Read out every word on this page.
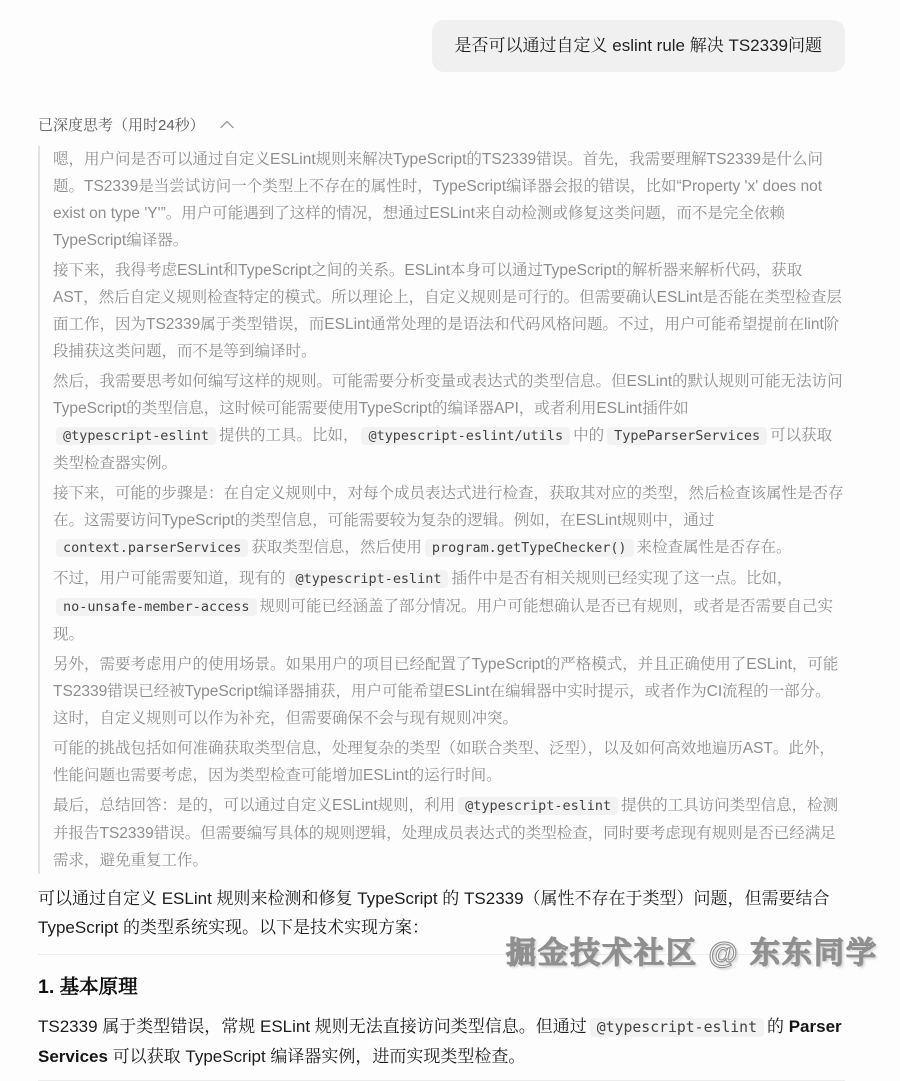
是否可以通过自定义 eslint rule 解决 TS2339问题
已深度思考（用时24秒）

嗯，用户问是否可以通过自定义ESLint规则来解决TypeScript的TS2339错误。首先，我需要理解TS2339是什么问题。TS2339是当尝试访问一个类型上不存在的属性时，TypeScript编译器会报的错误，比如“Property 'x' does not exist on type 'Y'”。用户可能遇到了这样的情况，想通过ESLint来自动检测或修复这类问题，而不是完全依赖TypeScript编译器。

接下来，我得考虑ESLint和TypeScript之间的关系。ESLint本身可以通过TypeScript的解析器来解析代码，获取AST，然后自定义规则检查特定的模式。所以理论上，自定义规则是可行的。但需要确认ESLint是否能在类型检查层面工作，因为TS2339属于类型错误，而ESLint通常处理的是语法和代码风格问题。不过，用户可能希望提前在lint阶段捕获这类问题，而不是等到编译时。

然后，我需要思考如何编写这样的规则。可能需要分析变量或表达式的类型信息。但ESLint的默认规则可能无法访问TypeScript的类型信息，这时候可能需要使用TypeScript的编译器API，或者利用ESLint插件如@typescript-eslint 提供的工具。比如， @typescript-eslint/utils 中的 TypeParserServices 可以获取类型检查器实例。

接下来，可能的步骤是：在自定义规则中，对每个成员表达式进行检查，获取其对应的类型，然后检查该属性是否存在。这需要访问TypeScript的类型信息，可能需要较为复杂的逻辑。例如，在ESLint规则中，通过context.parserServices 获取类型信息，然后使用 program.getTypeChecker() 来检查属性是否存在。

不过，用户可能需要知道，现有的 @typescript-eslint 插件中是否有相关规则已经实现了这一点。比如，no-unsafe-member-access 规则可能已经涵盖了部分情况。用户可能想确认是否已有规则，或者是否需要自己实现。

另外，需要考虑用户的使用场景。如果用户的项目已经配置了TypeScript的严格模式，并且正确使用了ESLint，可能TS2339错误已经被TypeScript编译器捕获，用户可能希望ESLint在编辑器中实时提示，或者作为CI流程的一部分。这时，自定义规则可以作为补充，但需要确保不会与现有规则冲突。

可能的挑战包括如何准确获取类型信息，处理复杂的类型（如联合类型、泛型），以及如何高效地遍历AST。此外，性能问题也需要考虑，因为类型检查可能增加ESLint的运行时间。

最后，总结回答：是的，可以通过自定义ESLint规则，利用 @typescript-eslint 提供的工具访问类型信息，检测并报告TS2339错误。但需要编写具体的规则逻辑，处理成员表达式的类型检查，同时要考虑现有规则是否已经满足需求，避免重复工作。

可以通过自定义 ESLint 规则来检测和修复 TypeScript 的 TS2339（属性不存在于类型）问题，但需要结合 TypeScript 的类型系统实现。以下是技术实现方案：
1. 基本原理
TS2339 属于类型错误，常规 ESLint 规则无法直接访问类型信息。但通过 @typescript-eslint 的 Parser Services 可以获取 TypeScript 编译器实例，进而实现类型检查。
掘金技术社区 @ 东东同学
